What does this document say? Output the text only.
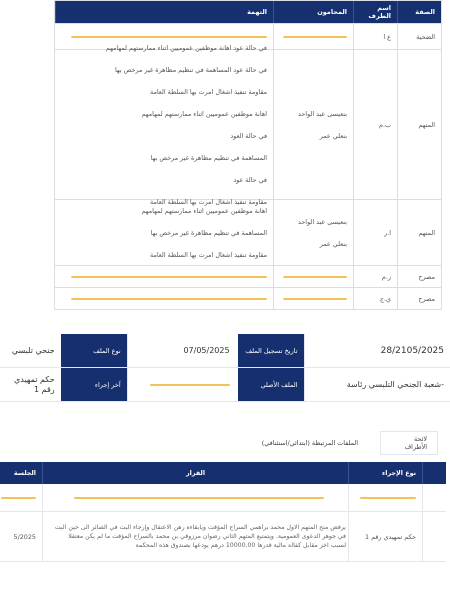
الصفة
اسم الطرف
المحامون
التهمة
الضحية
ع ا
المتهم
ب.م
بنعيسى عبد الواحد
بنعلي عمر
في حالة عود اهانة موظفين عموميين اثناء ممارستهم لمهامهم
في حالة عود المساهمة في تنظيم مظاهرة غير مرخص بها
مقاومة تنفيذ اشغال امرت بها السلطة العامة
اهانة موظفين عموميين اثناء ممارستهم لمهامهم
في حالة العود
المساهمة في تنظيم مظاهرة غير مرخص بها
في حالة عود
مقاومة تنفيذ اشغال امرت بها السلطة العامة
المتهم
ا.ر
بنعيسى عبد الواحد
بنعلي عمر
اهانة موظفين عموميين اثناء ممارستهم لمهامهم
المساهمة في تنظيم مظاهرة غير مرخص بها
مقاومة تنفيذ اشغال امرت بها السلطة العامة
مصرح
ز.م
مصرح
ي.ج
28/2105/2025
تاريخ تسجيل الملف
07/05/2025
نوع الملف
جنحي تلبسي
-شعبة الجنحي التلبسي رئاسة
الملف الأصلي
آخر إجراء
حكم تمهيدي
رقم 1
لائحة الأطراف
الملفات المرتبطة (ابتدائي/استئنافي)
نوع الإجراء
القرار
الجلسة
حكم تمهيدي رقم 1
يرفض منح المتهم الاول محمد براهمي السراح المؤقت ويابقاءه رهن الاعتقال وإرجاء البت في الصائر الى حين البت في جوهر الدعوى العمومية. ويتمتيع المتهم الثاني رضوان مرزوقي بن محمد بالسراح المؤقت ما لم يكن معتقلا لسبب اخر مقابل كفالة مالية قدرها 10000.00 درهم يودعها بصندوق هذه المحكمة
5/2025
